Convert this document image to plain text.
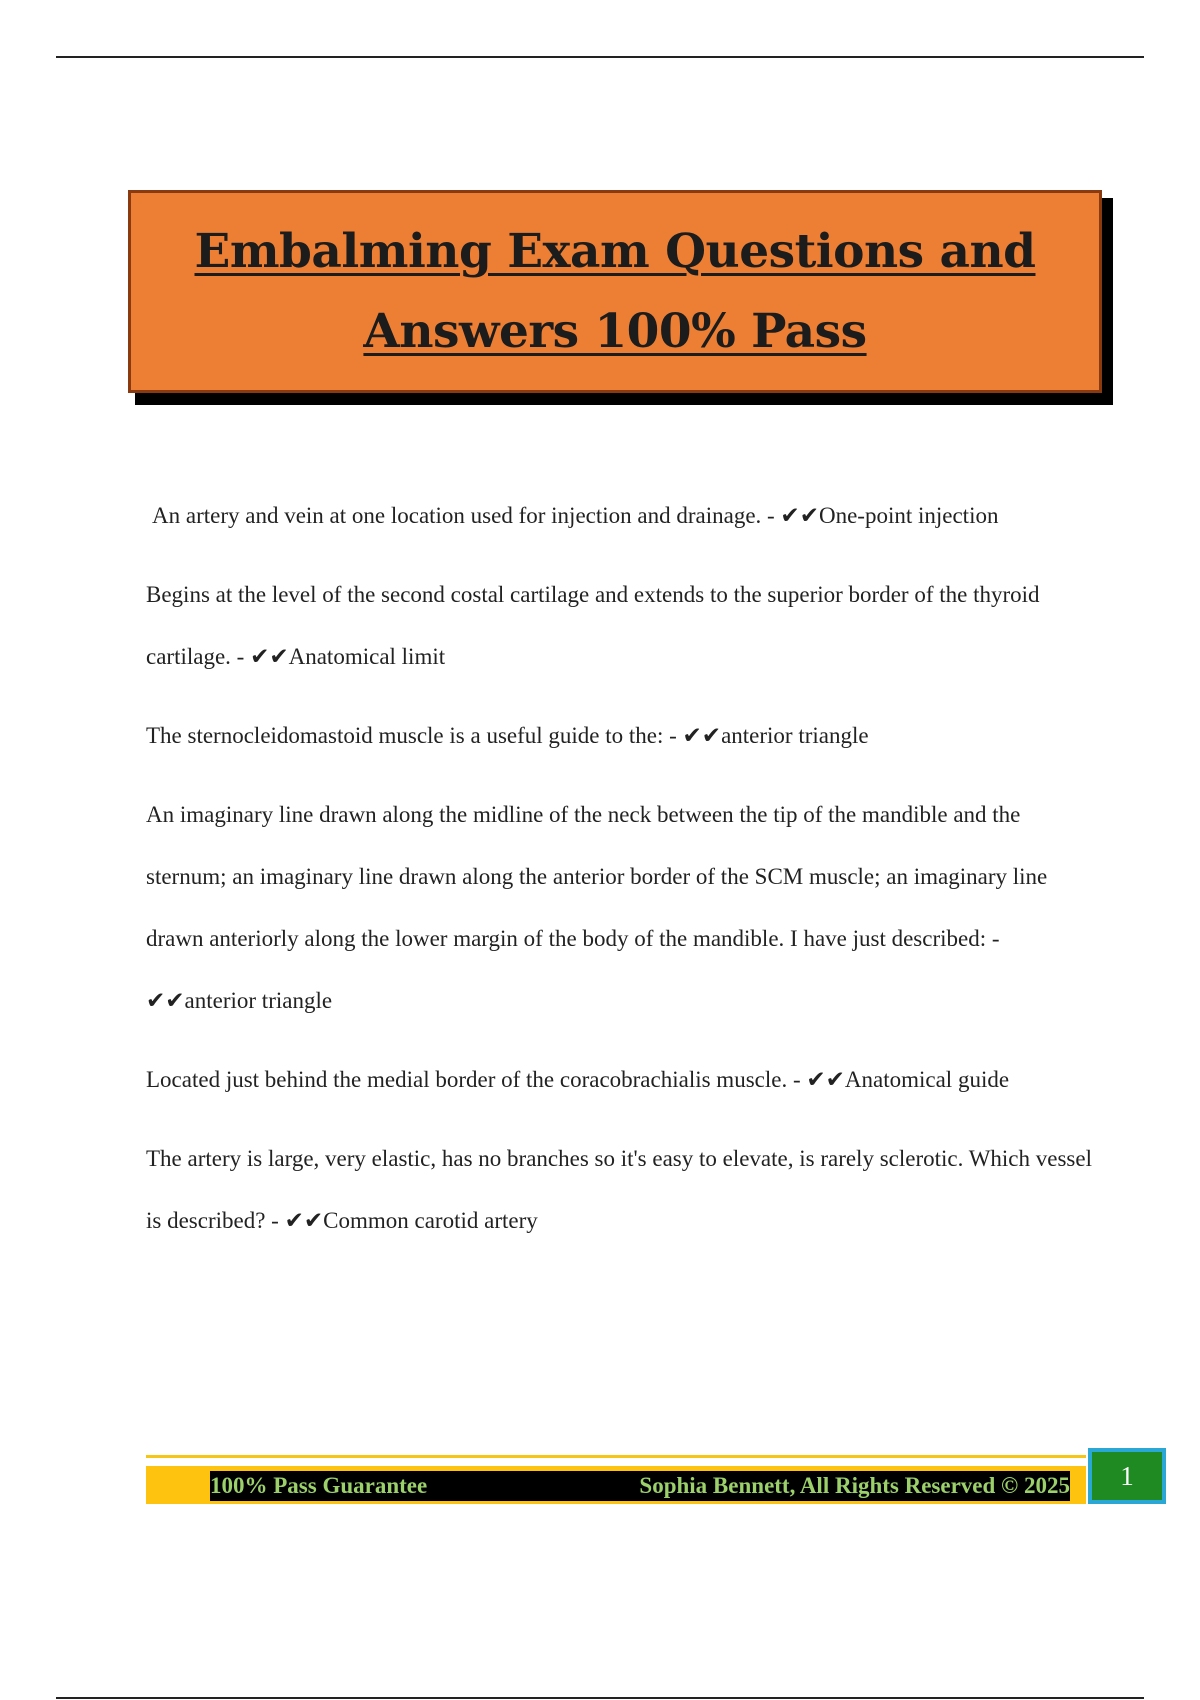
Embalming Exam Questions and
Answers 100% Pass

An artery and vein at one location used for injection and drainage. - ✔✔One-point injection

Begins at the level of the second costal cartilage and extends to the superior border of the thyroid cartilage. - ✔✔Anatomical limit

The sternocleidomastoid muscle is a useful guide to the: - ✔✔anterior triangle

An imaginary line drawn along the midline of the neck between the tip of the mandible and the sternum; an imaginary line drawn along the anterior border of the SCM muscle; an imaginary line drawn anteriorly along the lower margin of the body of the mandible. I have just described: - ✔✔anterior triangle

Located just behind the medial border of the coracobrachialis muscle. - ✔✔Anatomical guide

The artery is large, very elastic, has no branches so it's easy to elevate, is rarely sclerotic. Which vessel is described? - ✔✔Common carotid artery

100% Pass Guarantee	Sophia Bennett, All Rights Reserved © 2025	1
